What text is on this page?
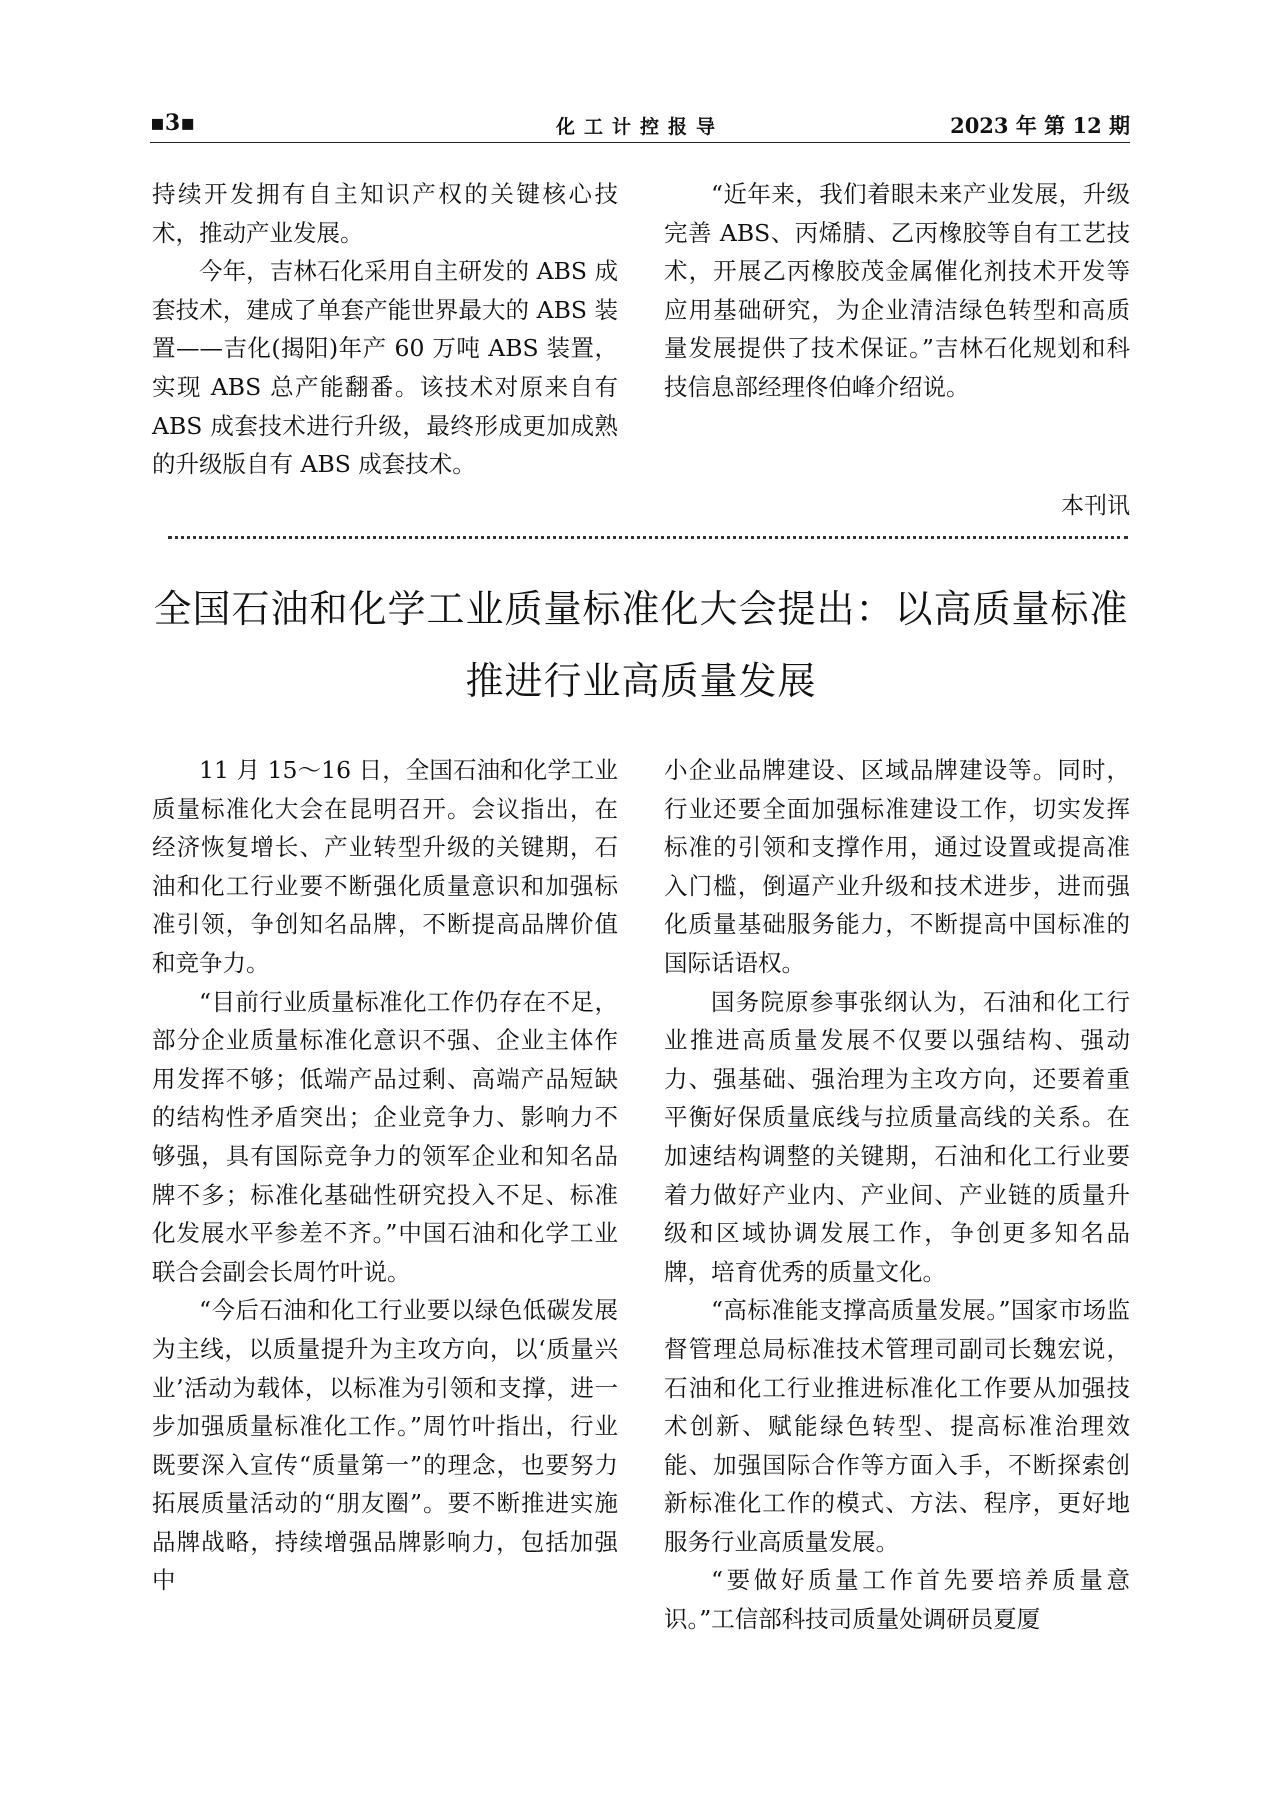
▪3▪	化工计控报导	2023 年 第 12 期

持续开发拥有自主知识产权的关键核心技术，推动产业发展。

今年，吉林石化采用自主研发的 ABS 成套技术，建成了单套产能世界最大的 ABS 装置——吉化(揭阳)年产 60 万吨 ABS 装置，实现 ABS 总产能翻番。该技术对原来自有 ABS 成套技术进行升级，最终形成更加成熟的升级版自有 ABS 成套技术。

“近年来，我们着眼未来产业发展，升级完善 ABS、丙烯腈、乙丙橡胶等自有工艺技术，开展乙丙橡胶茂金属催化剂技术开发等应用基础研究，为企业清洁绿色转型和高质量发展提供了技术保证。”吉林石化规划和科技信息部经理佟伯峰介绍说。

本刊讯
全国石油和化学工业质量标准化大会提出：以高质量标准
推进行业高质量发展

11 月 15～16 日，全国石油和化学工业质量标准化大会在昆明召开。会议指出，在经济恢复增长、产业转型升级的关键期，石油和化工行业要不断强化质量意识和加强标准引领，争创知名品牌，不断提高品牌价值和竞争力。

“目前行业质量标准化工作仍存在不足，部分企业质量标准化意识不强、企业主体作用发挥不够；低端产品过剩、高端产品短缺的结构性矛盾突出；企业竞争力、影响力不够强，具有国际竞争力的领军企业和知名品牌不多；标准化基础性研究投入不足、标准化发展水平参差不齐。”中国石油和化学工业联合会副会长周竹叶说。

“今后石油和化工行业要以绿色低碳发展为主线，以质量提升为主攻方向，以‘质量兴业’活动为载体，以标准为引领和支撑，进一步加强质量标准化工作。”周竹叶指出，行业既要深入宣传“质量第一”的理念，也要努力拓展质量活动的“朋友圈”。要不断推进实施品牌战略，持续增强品牌影响力，包括加强中

小企业品牌建设、区域品牌建设等。同时，行业还要全面加强标准建设工作，切实发挥标准的引领和支撑作用，通过设置或提高准入门槛，倒逼产业升级和技术进步，进而强化质量基础服务能力，不断提高中国标准的国际话语权。

国务院原参事张纲认为，石油和化工行业推进高质量发展不仅要以强结构、强动力、强基础、强治理为主攻方向，还要着重平衡好保质量底线与拉质量高线的关系。在加速结构调整的关键期，石油和化工行业要着力做好产业内、产业间、产业链的质量升级和区域协调发展工作，争创更多知名品牌，培育优秀的质量文化。

“高标准能支撑高质量发展。”国家市场监督管理总局标准技术管理司副司长魏宏说，石油和化工行业推进标准化工作要从加强技术创新、赋能绿色转型、提高标准治理效能、加强国际合作等方面入手，不断探索创新标准化工作的模式、方法、程序，更好地服务行业高质量发展。

“要做好质量工作首先要培养质量意识。”工信部科技司质量处调研员夏厦
